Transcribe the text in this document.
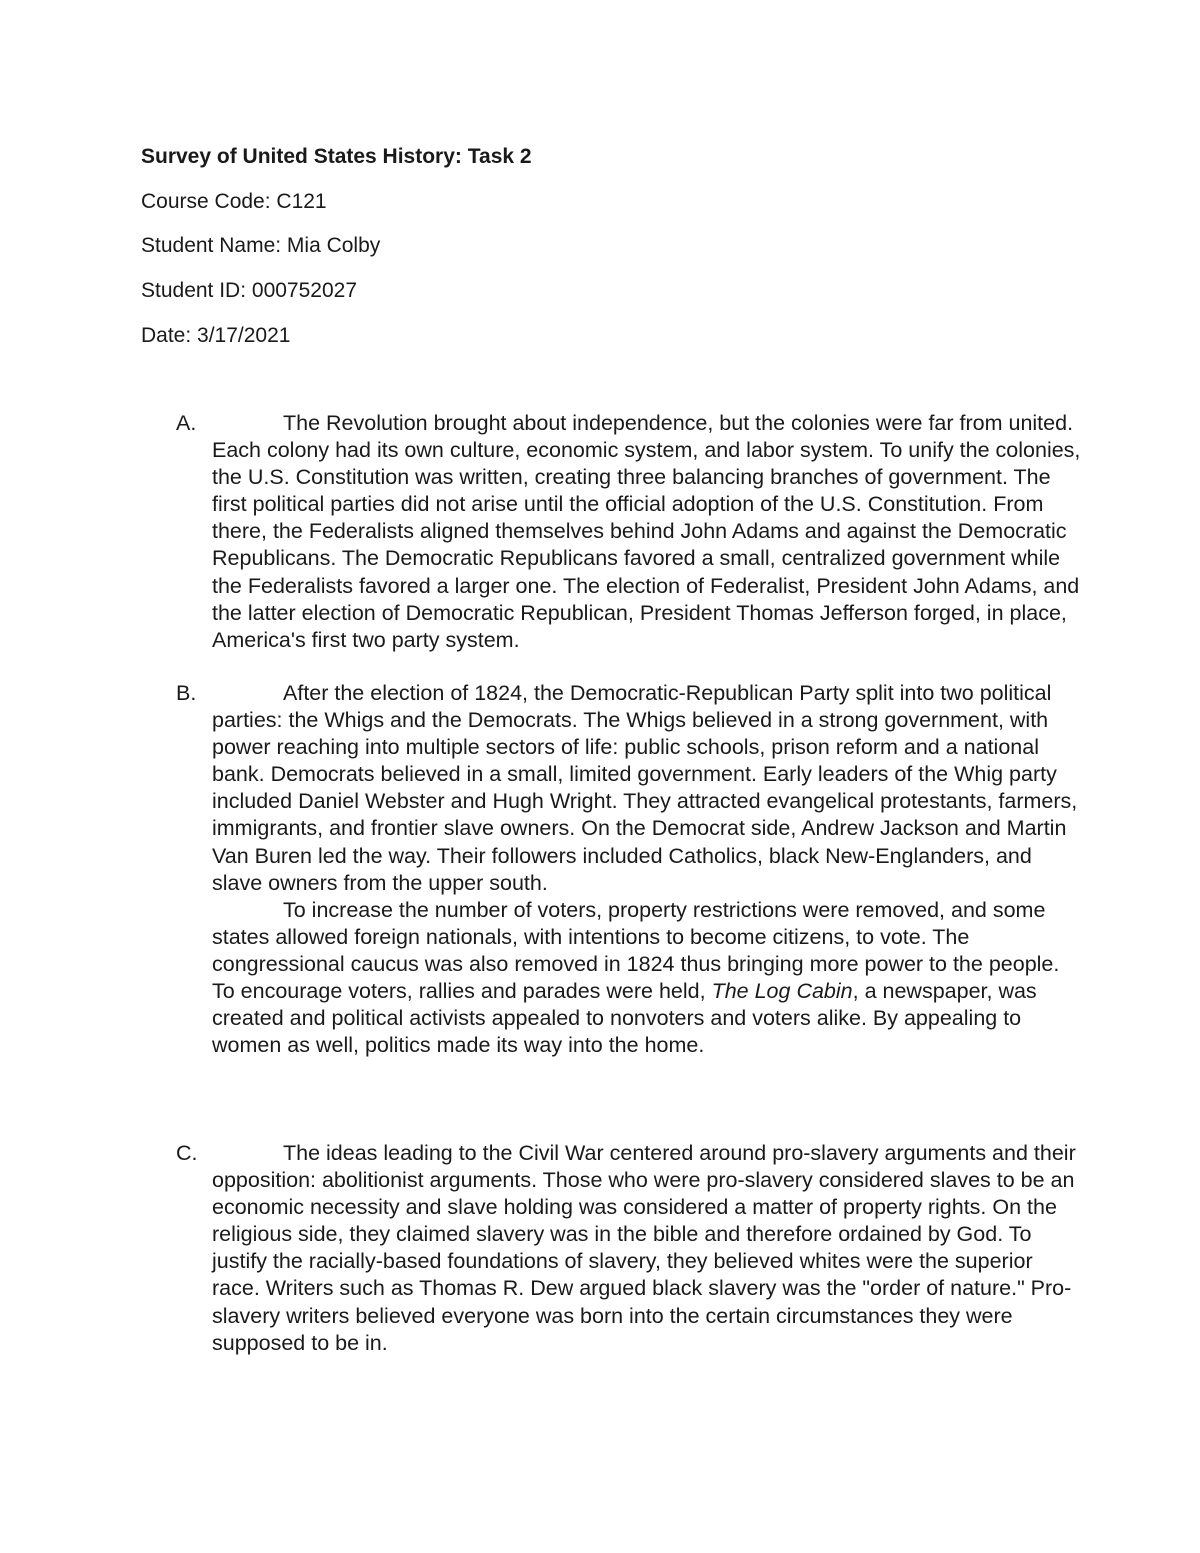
Survey of United States History: Task 2
Course Code: C121
Student Name: Mia Colby
Student ID: 000752027
Date: 3/17/2021
A.	The Revolution brought about independence, but the colonies were far from united. Each colony had its own culture, economic system, and labor system. To unify the colonies, the U.S. Constitution was written, creating three balancing branches of government. The first political parties did not arise until the official adoption of the U.S. Constitution. From there, the Federalists aligned themselves behind John Adams and against the Democratic Republicans. The Democratic Republicans favored a small, centralized government while the Federalists favored a larger one. The election of Federalist, President John Adams, and the latter election of Democratic Republican, President Thomas Jefferson forged, in place, America's first two party system.

B.	After the election of 1824, the Democratic-Republican Party split into two political parties: the Whigs and the Democrats. The Whigs believed in a strong government, with power reaching into multiple sectors of life: public schools, prison reform and a national bank. Democrats believed in a small, limited government. Early leaders of the Whig party included Daniel Webster and Hugh Wright. They attracted evangelical protestants, farmers, immigrants, and frontier slave owners. On the Democrat side, Andrew Jackson and Martin Van Buren led the way. Their followers included Catholics, black New-Englanders, and slave owners from the upper south.

To increase the number of voters, property restrictions were removed, and some states allowed foreign nationals, with intentions to become citizens, to vote. The congressional caucus was also removed in 1824 thus bringing more power to the people. To encourage voters, rallies and parades were held, The Log Cabin, a newspaper, was created and political activists appealed to nonvoters and voters alike. By appealing to women as well, politics made its way into the home.

C.	The ideas leading to the Civil War centered around pro-slavery arguments and their opposition: abolitionist arguments. Those who were pro-slavery considered slaves to be an economic necessity and slave holding was considered a matter of property rights. On the religious side, they claimed slavery was in the bible and therefore ordained by God. To justify the racially-based foundations of slavery, they believed whites were the superior race. Writers such as Thomas R. Dew argued black slavery was the "order of nature." Pro-slavery writers believed everyone was born into the certain circumstances they were supposed to be in.
